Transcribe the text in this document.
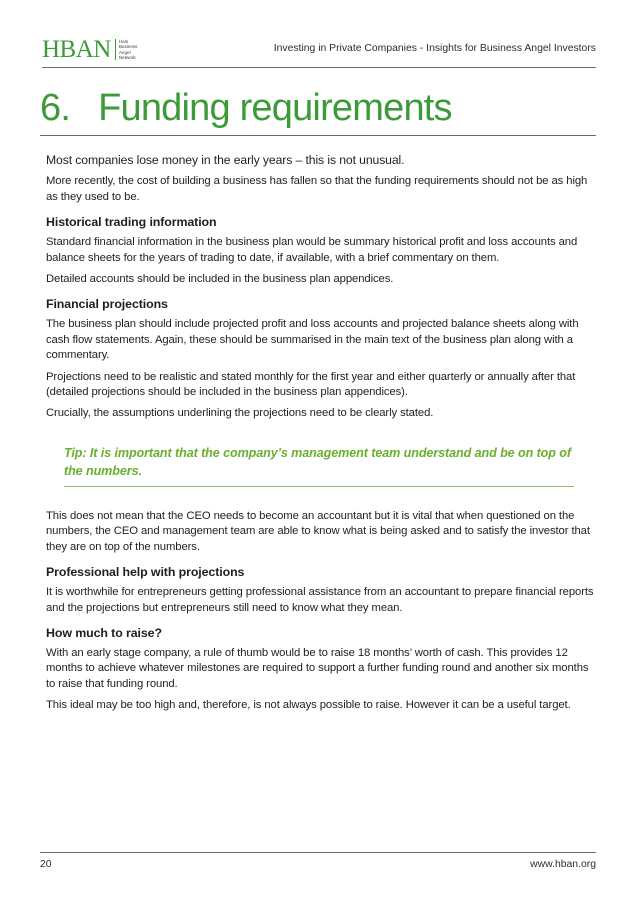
HBAN Halo
Business
Angel
Network
Investing in Private Companies - Insights for Business Angel Investors
6. Funding requirements

Most companies lose money in the early years – this is not unusual.

More recently, the cost of building a business has fallen so that the funding requirements should not be as high as they used to be.

Historical trading information

Standard financial information in the business plan would be summary historical profit and loss accounts and balance sheets for the years of trading to date, if available, with a brief commentary on them.

Detailed accounts should be included in the business plan appendices.

Financial projections

The business plan should include projected profit and loss accounts and projected balance sheets along with cash flow statements. Again, these should be summarised in the main text of the business plan along with a commentary.

Projections need to be realistic and stated monthly for the first year and either quarterly or annually after that (detailed projections should be included in the business plan appendices).

Crucially, the assumptions underlining the projections need to be clearly stated.

Tip: It is important that the company’s management team understand and be on top of the numbers.

This does not mean that the CEO needs to become an accountant but it is vital that when questioned on the numbers, the CEO and management team are able to know what is being asked and to satisfy the investor that they are on top of the numbers.

Professional help with projections

It is worthwhile for entrepreneurs getting professional assistance from an accountant to prepare financial reports and the projections but entrepreneurs still need to know what they mean.

How much to raise?

With an early stage company, a rule of thumb would be to raise 18 months’ worth of cash. This provides 12 months to achieve whatever milestones are required to support a further funding round and another six months to raise that funding round.

This ideal may be too high and, therefore, is not always possible to raise. However it can be a useful target.

20	www.hban.org
